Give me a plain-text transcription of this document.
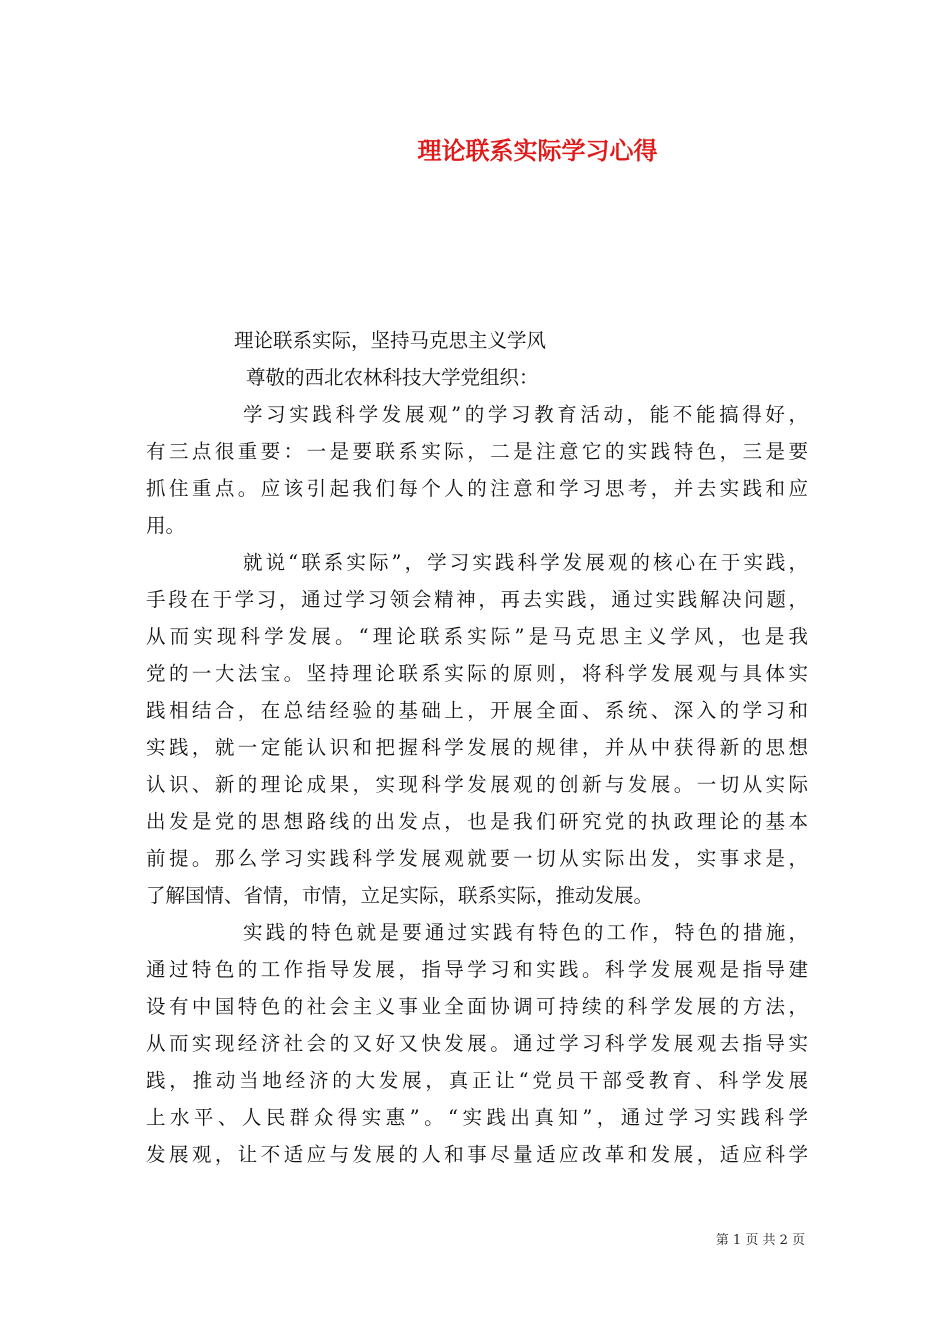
理论联系实际学习心得
理论联系实际，坚持马克思主义学风
尊敬的西北农林科技大学党组织：
学习实践科学发展观”的学习教育活动，能不能搞得好，
有三点很重要：一是要联系实际，二是注意它的实践特色，三是要
抓住重点。应该引起我们每个人的注意和学习思考，并去实践和应
用。
就说“联系实际”，学习实践科学发展观的核心在于实践，
手段在于学习，通过学习领会精神，再去实践，通过实践解决问题，
从而实现科学发展。“理论联系实际”是马克思主义学风，也是我
党的一大法宝。坚持理论联系实际的原则，将科学发展观与具体实
践相结合，在总结经验的基础上，开展全面、系统、深入的学习和
实践，就一定能认识和把握科学发展的规律，并从中获得新的思想
认识、新的理论成果，实现科学发展观的创新与发展。一切从实际
出发是党的思想路线的出发点，也是我们研究党的执政理论的基本
前提。那么学习实践科学发展观就要一切从实际出发，实事求是，
了解国情、省情，市情，立足实际，联系实际，推动发展。
实践的特色就是要通过实践有特色的工作，特色的措施，
通过特色的工作指导发展，指导学习和实践。科学发展观是指导建
设有中国特色的社会主义事业全面协调可持续的科学发展的方法，
从而实现经济社会的又好又快发展。通过学习科学发展观去指导实
践，推动当地经济的大发展，真正让“党员干部受教育、科学发展
上水平、人民群众得实惠”。“实践出真知”，通过学习实践科学
发展观，让不适应与发展的人和事尽量适应改革和发展，适应科学
第 1 页 共 2 页
